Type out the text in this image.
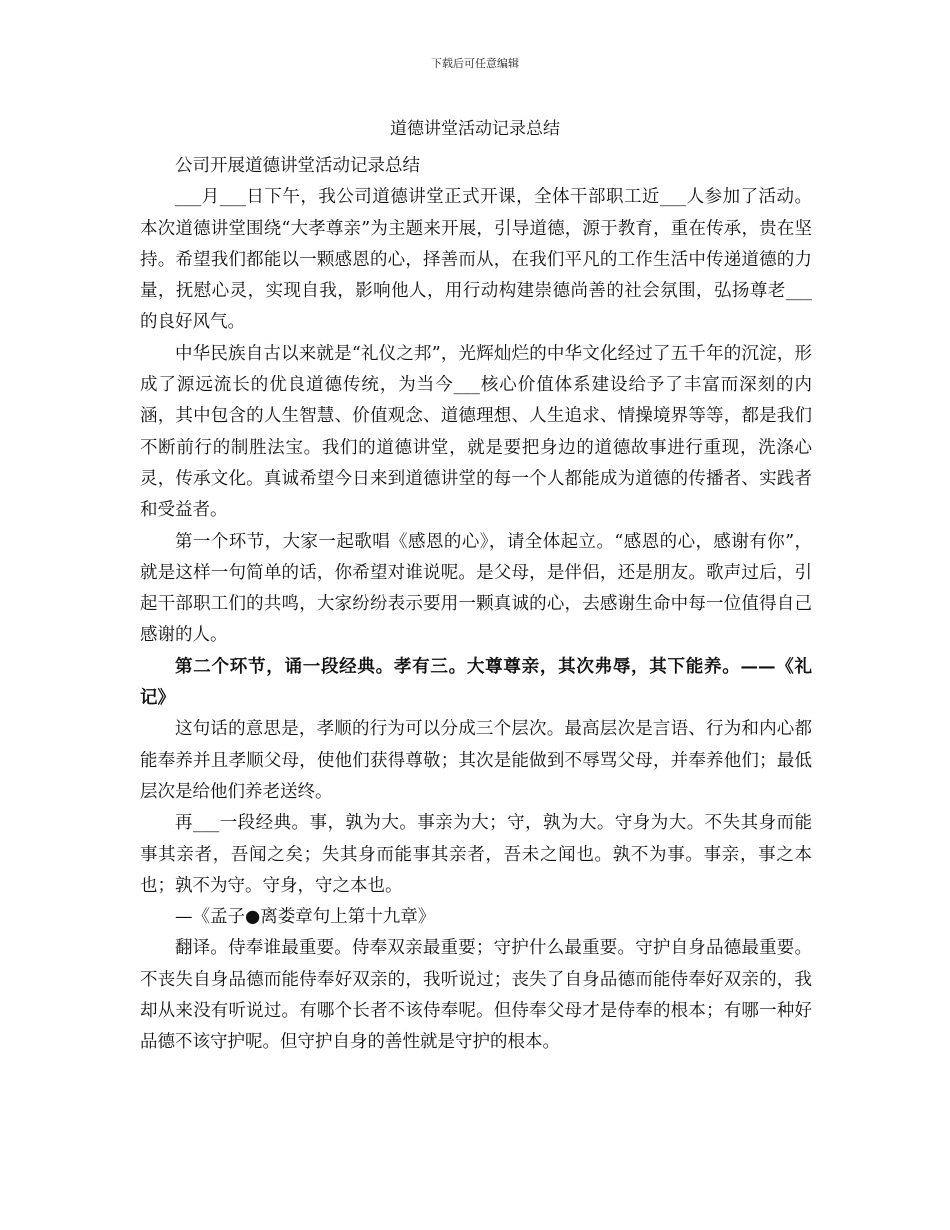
下载后可任意编辑
道德讲堂活动记录总结

公司开展道德讲堂活动记录总结

___月___日下午，我公司道德讲堂正式开课，全体干部职工近___人参加了活动。本次道德讲堂围绕“大孝尊亲”为主题来开展，引导道德，源于教育，重在传承，贵在坚持。希望我们都能以一颗感恩的心，择善而从，在我们平凡的工作生活中传递道德的力量，抚慰心灵，实现自我，影响他人，用行动构建崇德尚善的社会氛围，弘扬尊老___的良好风气。

中华民族自古以来就是“礼仪之邦”，光辉灿烂的中华文化经过了五千年的沉淀，形成了源远流长的优良道德传统，为当今___核心价值体系建设给予了丰富而深刻的内涵，其中包含的人生智慧、价值观念、道德理想、人生追求、情操境界等等，都是我们不断前行的制胜法宝。我们的道德讲堂，就是要把身边的道德故事进行重现，洗涤心灵，传承文化。真诚希望今日来到道德讲堂的每一个人都能成为道德的传播者、实践者和受益者。

第一个环节，大家一起歌唱《感恩的心》，请全体起立。“感恩的心，感谢有你”，就是这样一句简单的话，你希望对谁说呢。是父母，是伴侣，还是朋友。歌声过后，引起干部职工们的共鸣，大家纷纷表示要用一颗真诚的心，去感谢生命中每一位值得自己感谢的人。

第二个环节，诵一段经典。孝有三。大尊尊亲，其次弗辱，其下能养。——《礼记》

这句话的意思是，孝顺的行为可以分成三个层次。最高层次是言语、行为和内心都能奉养并且孝顺父母，使他们获得尊敬；其次是能做到不辱骂父母，并奉养他们；最低层次是给他们养老送终。

再___一段经典。事，孰为大。事亲为大；守，孰为大。守身为大。不失其身而能事其亲者，吾闻之矣；失其身而能事其亲者，吾未之闻也。孰不为事。事亲，事之本也；孰不为守。守身，守之本也。

—《孟子●离娄章句上第十九章》

翻译。侍奉谁最重要。侍奉双亲最重要；守护什么最重要。守护自身品德最重要。不丧失自身品德而能侍奉好双亲的，我听说过；丧失了自身品德而能侍奉好双亲的，我却从来没有听说过。有哪个长者不该侍奉呢。但侍奉父母才是侍奉的根本；有哪一种好品德不该守护呢。但守护自身的善性就是守护的根本。
